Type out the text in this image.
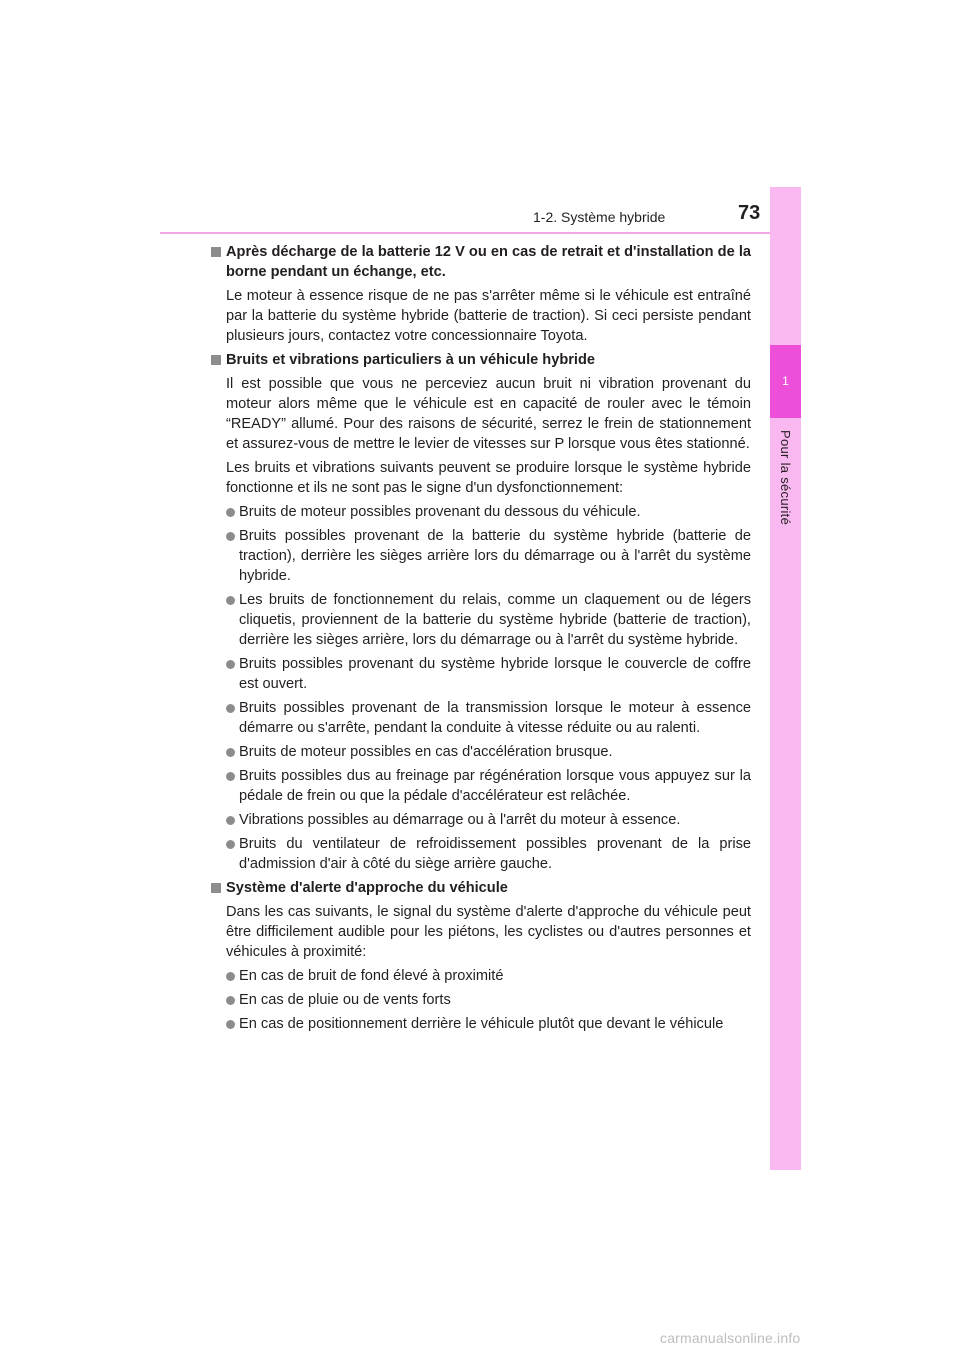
1-2. Système hybride	73
1
Pour la sécurité
Après décharge de la batterie 12 V ou en cas de retrait et d'installation de la borne pendant un échange, etc.
Le moteur à essence risque de ne pas s'arrêter même si le véhicule est entraîné par la batterie du système hybride (batterie de traction). Si ceci persiste pendant plusieurs jours, contactez votre concessionnaire Toyota.
Bruits et vibrations particuliers à un véhicule hybride
Il est possible que vous ne perceviez aucun bruit ni vibration provenant du moteur alors même que le véhicule est en capacité de rouler avec le témoin “READY” allumé. Pour des raisons de sécurité, serrez le frein de stationnement et assurez-vous de mettre le levier de vitesses sur P lorsque vous êtes stationné.
Les bruits et vibrations suivants peuvent se produire lorsque le système hybride fonctionne et ils ne sont pas le signe d'un dysfonctionnement:
Bruits de moteur possibles provenant du dessous du véhicule.
Bruits possibles provenant de la batterie du système hybride (batterie de traction), derrière les sièges arrière lors du démarrage ou à l'arrêt du système hybride.
Les bruits de fonctionnement du relais, comme un claquement ou de légers cliquetis, proviennent de la batterie du système hybride (batterie de traction), derrière les sièges arrière, lors du démarrage ou à l'arrêt du système hybride.
Bruits possibles provenant du système hybride lorsque le couvercle de coffre est ouvert.
Bruits possibles provenant de la transmission lorsque le moteur à essence démarre ou s'arrête, pendant la conduite à vitesse réduite ou au ralenti.
Bruits de moteur possibles en cas d'accélération brusque.
Bruits possibles dus au freinage par régénération lorsque vous appuyez sur la pédale de frein ou que la pédale d'accélérateur est relâchée.
Vibrations possibles au démarrage ou à l'arrêt du moteur à essence.
Bruits du ventilateur de refroidissement possibles provenant de la prise d'admission d'air à côté du siège arrière gauche.
Système d'alerte d'approche du véhicule
Dans les cas suivants, le signal du système d'alerte d'approche du véhicule peut être difficilement audible pour les piétons, les cyclistes ou d'autres personnes et véhicules à proximité:
En cas de bruit de fond élevé à proximité
En cas de pluie ou de vents forts
En cas de positionnement derrière le véhicule plutôt que devant le véhicule
carmanualsonline.info
